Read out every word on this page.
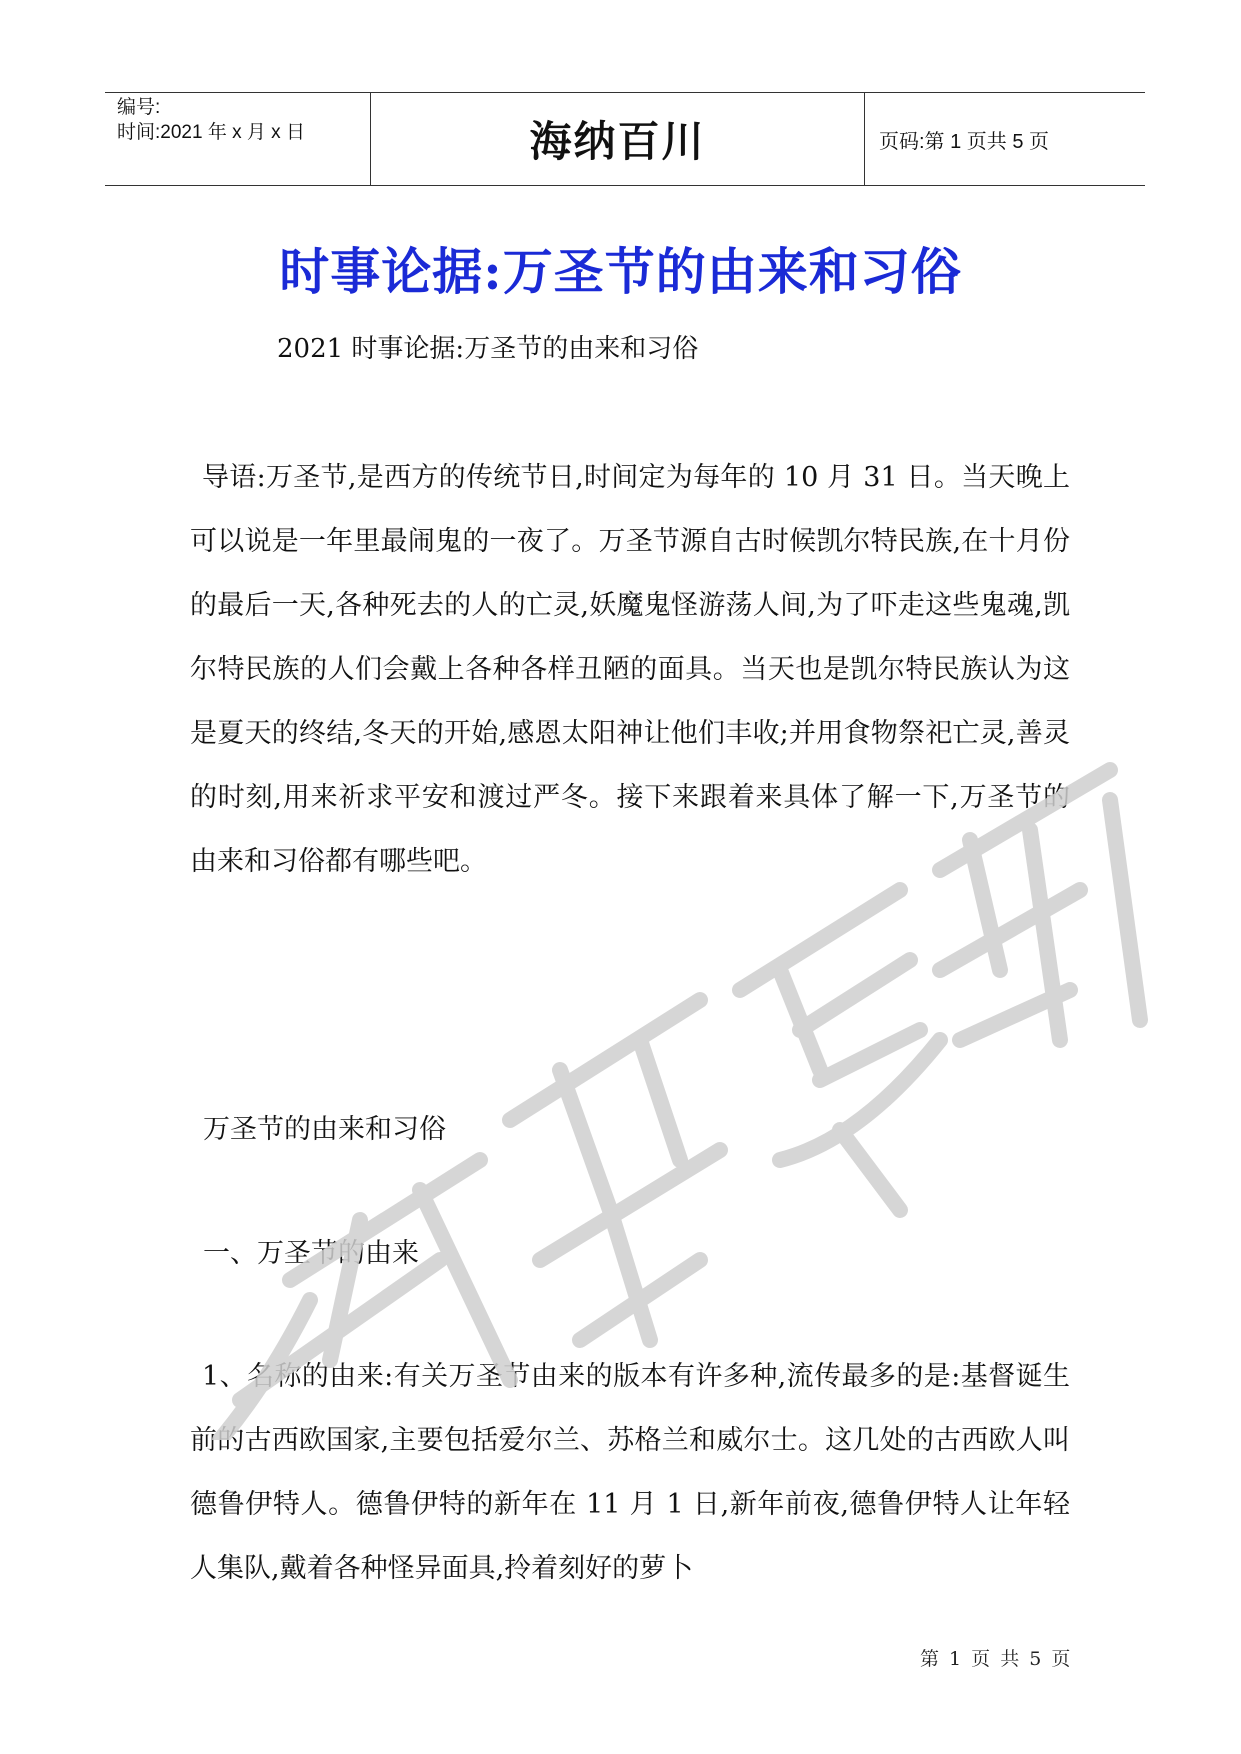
编号:
时间:2021 年 x 月 x 日	海纳百川	页码:第 1 页共 5 页
时事论据:万圣节的由来和习俗
2021 时事论据:万圣节的由来和习俗
导语:万圣节,是西方的传统节日,时间定为每年的 10 月 31 日。当天晚上可以说是一年里最闹鬼的一夜了。万圣节源自古时候凯尔特民族,在十月份的最后一天,各种死去的人的亡灵,妖魔鬼怪游荡人间,为了吓走这些鬼魂,凯尔特民族的人们会戴上各种各样丑陋的面具。当天也是凯尔特民族认为这是夏天的终结,冬天的开始,感恩太阳神让他们丰收;并用食物祭祀亡灵,善灵的时刻,用来祈求平安和渡过严冬。接下来跟着来具体了解一下,万圣节的由来和习俗都有哪些吧。
万圣节的由来和习俗
一、万圣节的由来
1、名称的由来:有关万圣节由来的版本有许多种,流传最多的是:基督诞生前的古西欧国家,主要包括爱尔兰、苏格兰和威尔士。这几处的古西欧人叫德鲁伊特人。德鲁伊特的新年在 11 月 1 日,新年前夜,德鲁伊特人让年轻人集队,戴着各种怪异面具,拎着刻好的萝卜
第 1 页 共 5 页
